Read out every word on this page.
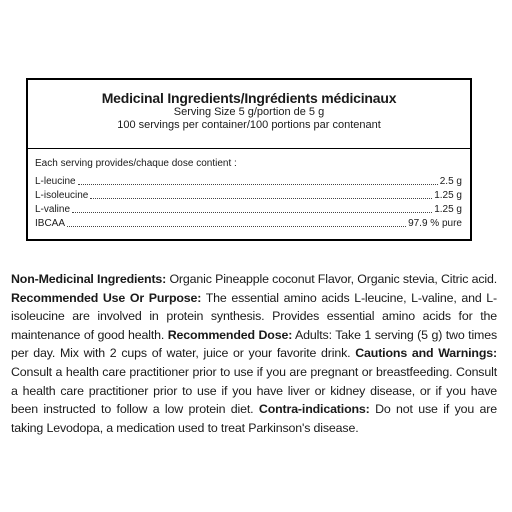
Medicinal Ingredients/Ingrédients médicinaux
Serving Size 5 g/portion de 5 g
100 servings per container/100 portions par contenant
Each serving provides/chaque dose contient :
L-leucine	2.5 g
L-isoleucine	1.25 g
L-valine	1.25 g
IBCAA	97.9 % pure
Non-Medicinal Ingredients: Organic Pineapple coconut Flavor, Organic stevia, Citric acid. Recommended Use Or Purpose: The essential amino acids L-leucine, L-valine, and L-isoleucine are involved in protein synthesis. Provides essential amino acids for the maintenance of good health. Recommended Dose: Adults: Take 1 serving (5 g) two times per day. Mix with 2 cups of water, juice or your favorite drink. Cautions and Warnings: Consult a health care practitioner prior to use if you are pregnant or breastfeeding. Consult a health care practitioner prior to use if you have liver or kidney disease, or if you have been instructed to follow a low protein diet. Contra-indications: Do not use if you are taking Levodopa, a medication used to treat Parkinson's disease.
